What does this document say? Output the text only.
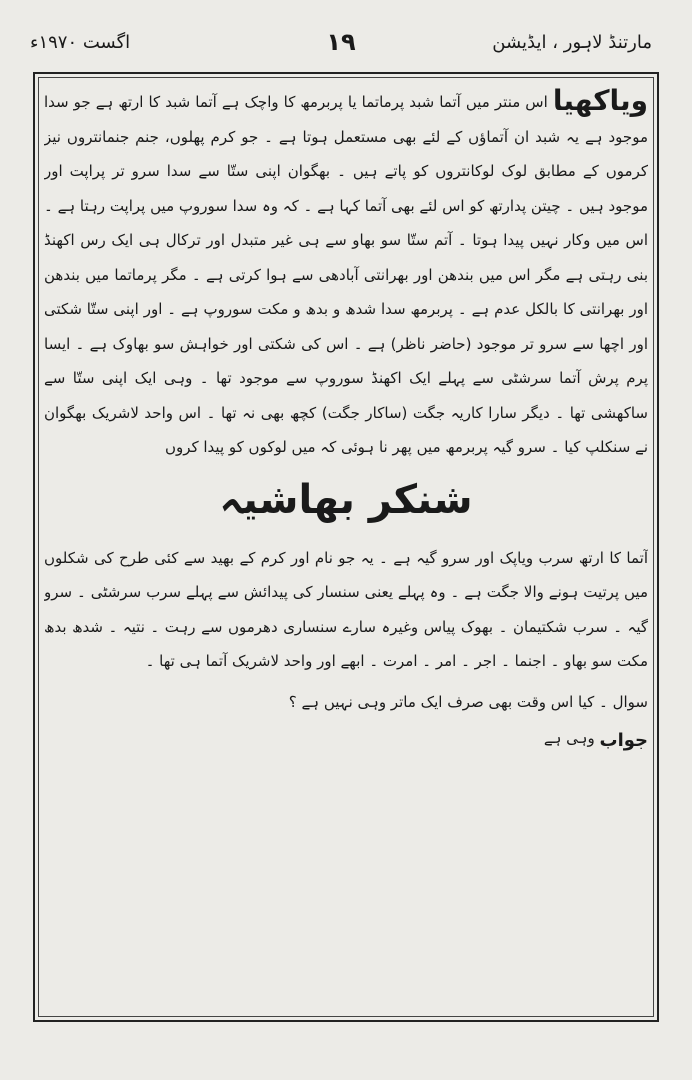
مارتنڈ لاہور ، ایڈیشن
۱۹
اگست ۱۹۷۰ء

ویاکھیا اس منتر میں آتما شبد پرماتما یا پربرمھ کا واچک ہے آتما شبد کا ارتھ ہے جو سدا موجود ہے یہ شبد ان آتماؤں کے لئے بھی مستعمل ہوتا ہے ۔ جو کرم پھلوں، جنم جنمانتروں نیز کرموں کے مطابق لوک لوکانتروں کو پاتے ہیں ۔ بھگوان اپنی ستّا سے سدا سرو تر پراپت اور موجود ہیں ۔ چیتن پدارتھ کو اس لئے بھی آتما کہا ہے ۔ کہ وہ سدا سوروپ میں پراپت رہتا ہے ۔ اس میں وکار نہیں پیدا ہوتا ۔ آتم ستّا سو بھاو سے ہی غیر متبدل اور ترکال ہی ایک رس اکھنڈ بنی رہتی ہے مگر اس میں بندھن اور بھرانتی آبادھی سے ہوا کرتی ہے ۔ مگر پرماتما میں بندھن اور بھرانتی کا بالکل عدم ہے ۔ پربرمھ سدا شدھ و بدھ و مکت سوروپ ہے ۔ اور اپنی ستّا شکتی اور اچھا سے سرو تر موجود (حاضر ناظر) ہے ۔ اس کی شکتی اور خواہش سو بھاوک ہے ۔ ایسا پرم پرش آتما سرشٹی سے پہلے ایک اکھنڈ سوروپ سے موجود تھا ۔ وہی ایک اپنی ستّا سے ساکھشی تھا ۔ دیگر سارا کاریہ جگت (ساکار جگت) کچھ بھی نہ تھا ۔ اس واحد لاشریک بھگوان نے سنکلپ کیا ۔ سرو گیہ پربرمھ میں پھر نا ہوئی کہ میں لوکوں کو پیدا کروں

شنکر بھاشیہ

آتما کا ارتھ سرب ویاپک اور سرو گیہ ہے ۔ یہ جو نام اور کرم کے بھید سے کئی طرح کی شکلوں میں پرتیت ہونے والا جگت ہے ۔ وہ پہلے یعنی سنسار کی پیدائش سے پہلے سرب سرشٹی ۔ سرو گیہ ۔ سرب شکتیمان ۔ بھوک پیاس وغیرہ سارے سنساری دھرموں سے رہت ۔ نتیہ ۔ شدھ بدھ مکت سو بھاو ۔ اجنما ۔ اجر ۔ امر ۔ امرت ۔ ابھے اور واحد لاشریک آتما ہی تھا ۔

سوال ۔ کیا اس وقت بھی صرف ایک ماتر وہی نہیں ہے ؟

جواب وہی ہے
